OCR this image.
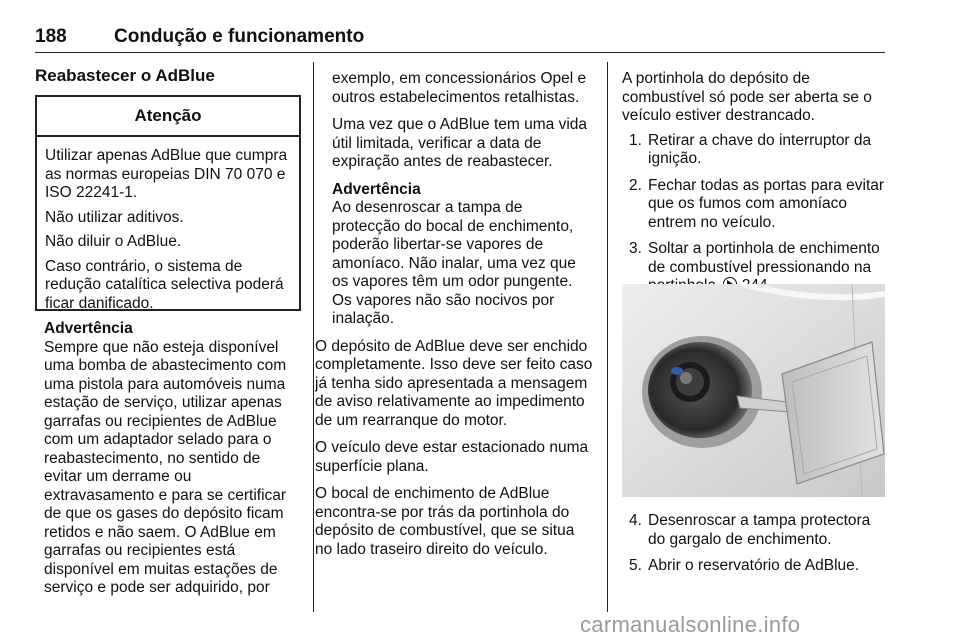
188 Condução e funcionamento
Reabastecer o AdBlue
Atenção

Utilizar apenas AdBlue que cumpra as normas europeias DIN 70 070 e ISO 22241-1.

Não utilizar aditivos.

Não diluir o AdBlue.

Caso contrário, o sistema de redução catalítica selectiva poderá ficar danificado.

Advertência
Sempre que não esteja disponível uma bomba de abastecimento com uma pistola para automóveis numa estação de serviço, utilizar apenas garrafas ou recipientes de AdBlue com um adaptador selado para o reabastecimento, no sentido de evitar um derrame ou extravasamento e para se certificar de que os gases do depósito ficam retidos e não saem. O AdBlue em garrafas ou recipientes está disponível em muitas estações de serviço e pode ser adquirido, por

exemplo, em concessionários Opel e outros estabelecimentos retalhistas.

Uma vez que o AdBlue tem uma vida útil limitada, verificar a data de expiração antes de reabastecer.

Advertência

Ao desenroscar a tampa de protecção do bocal de enchimento, poderão libertar-se vapores de amoníaco. Não inalar, uma vez que os vapores têm um odor pungente. Os vapores não são nocivos por inalação.

O depósito de AdBlue deve ser enchido completamente. Isso deve ser feito caso já tenha sido apresentada a mensagem de aviso relativamente ao impedimento de um rearranque do motor.

O veículo deve estar estacionado numa superfície plana.

O bocal de enchimento de AdBlue encontra-se por trás da portinhola do depósito de combustível, que se situa no lado traseiro direito do veículo.

A portinhola do depósito de combustível só pode ser aberta se o veículo estiver destrancado.

1. Retirar a chave do interruptor da ignição.
2. Fechar todas as portas para evitar que os fumos com amoníaco entrem no veículo.
3. Soltar a portinhola de enchimento de combustível pressionando na
4. Desenroscar a tampa protectora do gargalo de enchimento.
5. Abrir o reservatório de AdBlue.
carmanualsonline.info
